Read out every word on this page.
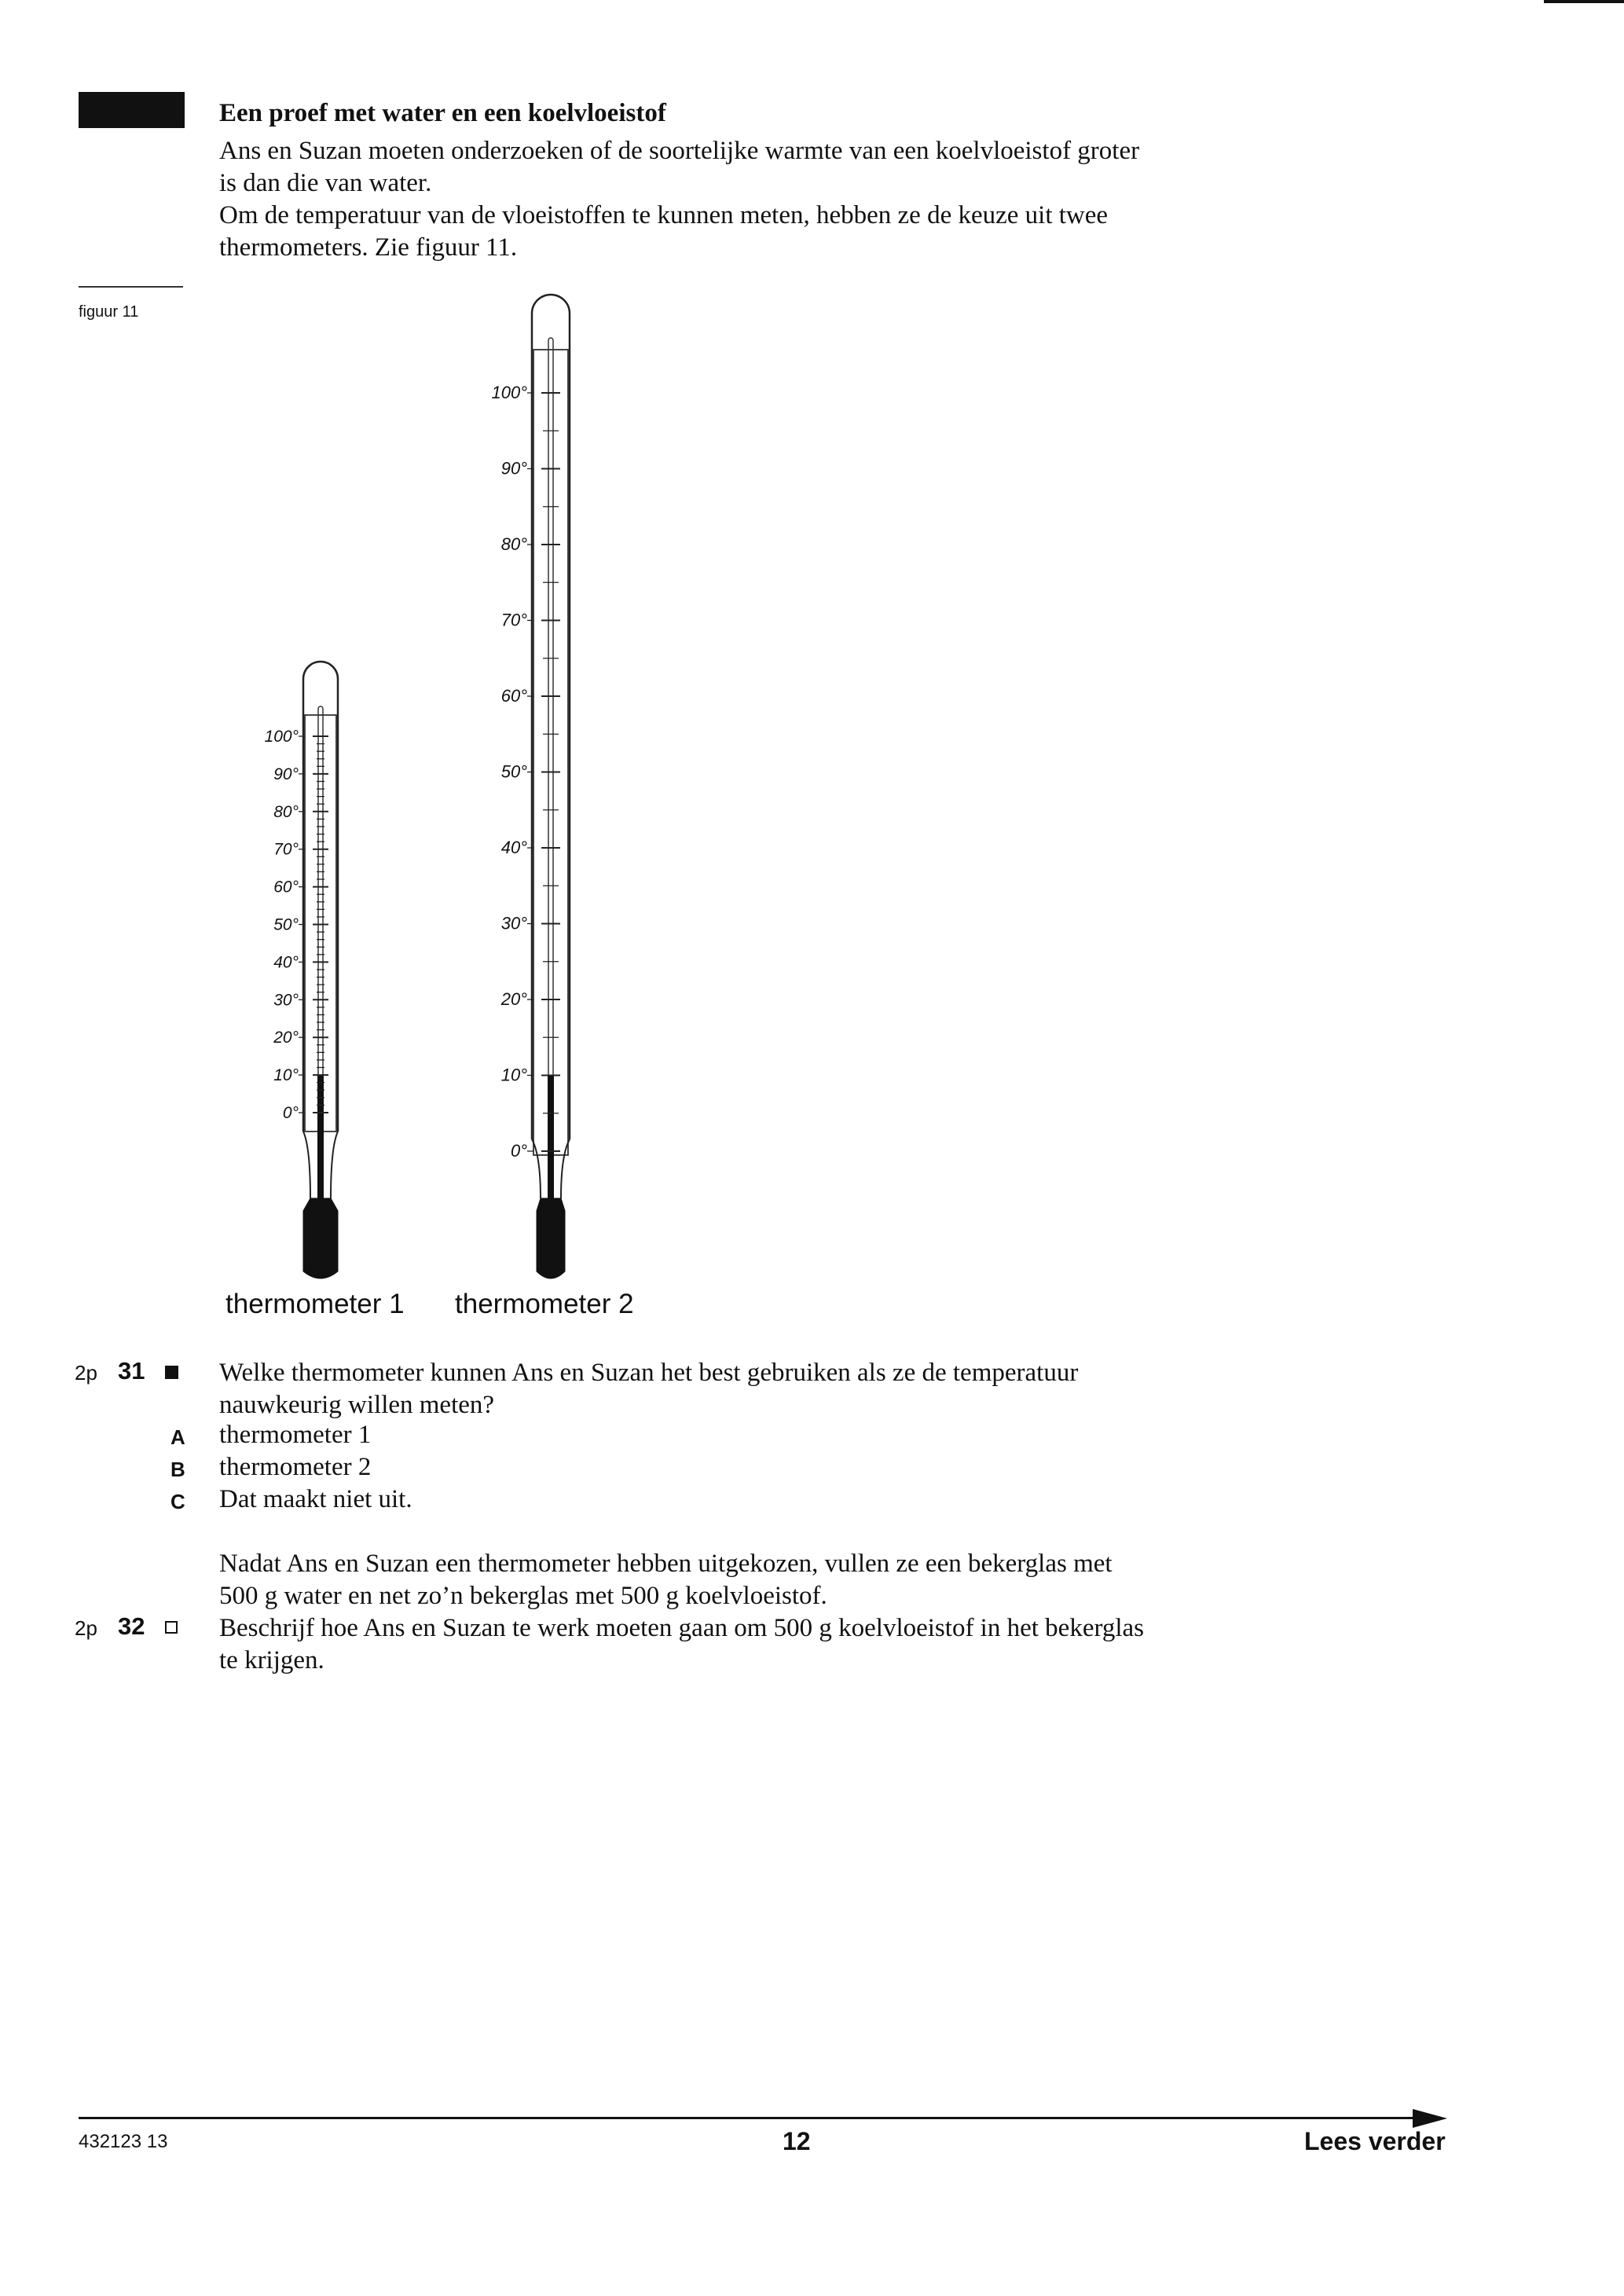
Een proef met water en een koelvloeistof
Ans en Suzan moeten onderzoeken of de soortelijke warmte van een koelvloeistof groter
is dan die van water.
Om de temperatuur van de vloeistoffen te kunnen meten, hebben ze de keuze uit twee
thermometers. Zie figuur 11.
figuur 11
100°
90°
80°
70°
60°
50°
40°
30°
20°
10°
0°
100°
90°
80°
70°
60°
50°
40°
30°
20°
10°
0°
thermometer 1 thermometer 2
2p 31	Welke thermometer kunnen Ans en Suzan het best gebruiken als ze de temperatuur
nauwkeurig willen meten?
A thermometer 1
B thermometer 2
C Dat maakt niet uit.
Nadat Ans en Suzan een thermometer hebben uitgekozen, vullen ze een bekerglas met
500 g water en net zo’n bekerglas met 500 g koelvloeistof.
2p 32	Beschrijf hoe Ans en Suzan te werk moeten gaan om 500 g koelvloeistof in het bekerglas
te krijgen.
432123 13	12	Lees verder
